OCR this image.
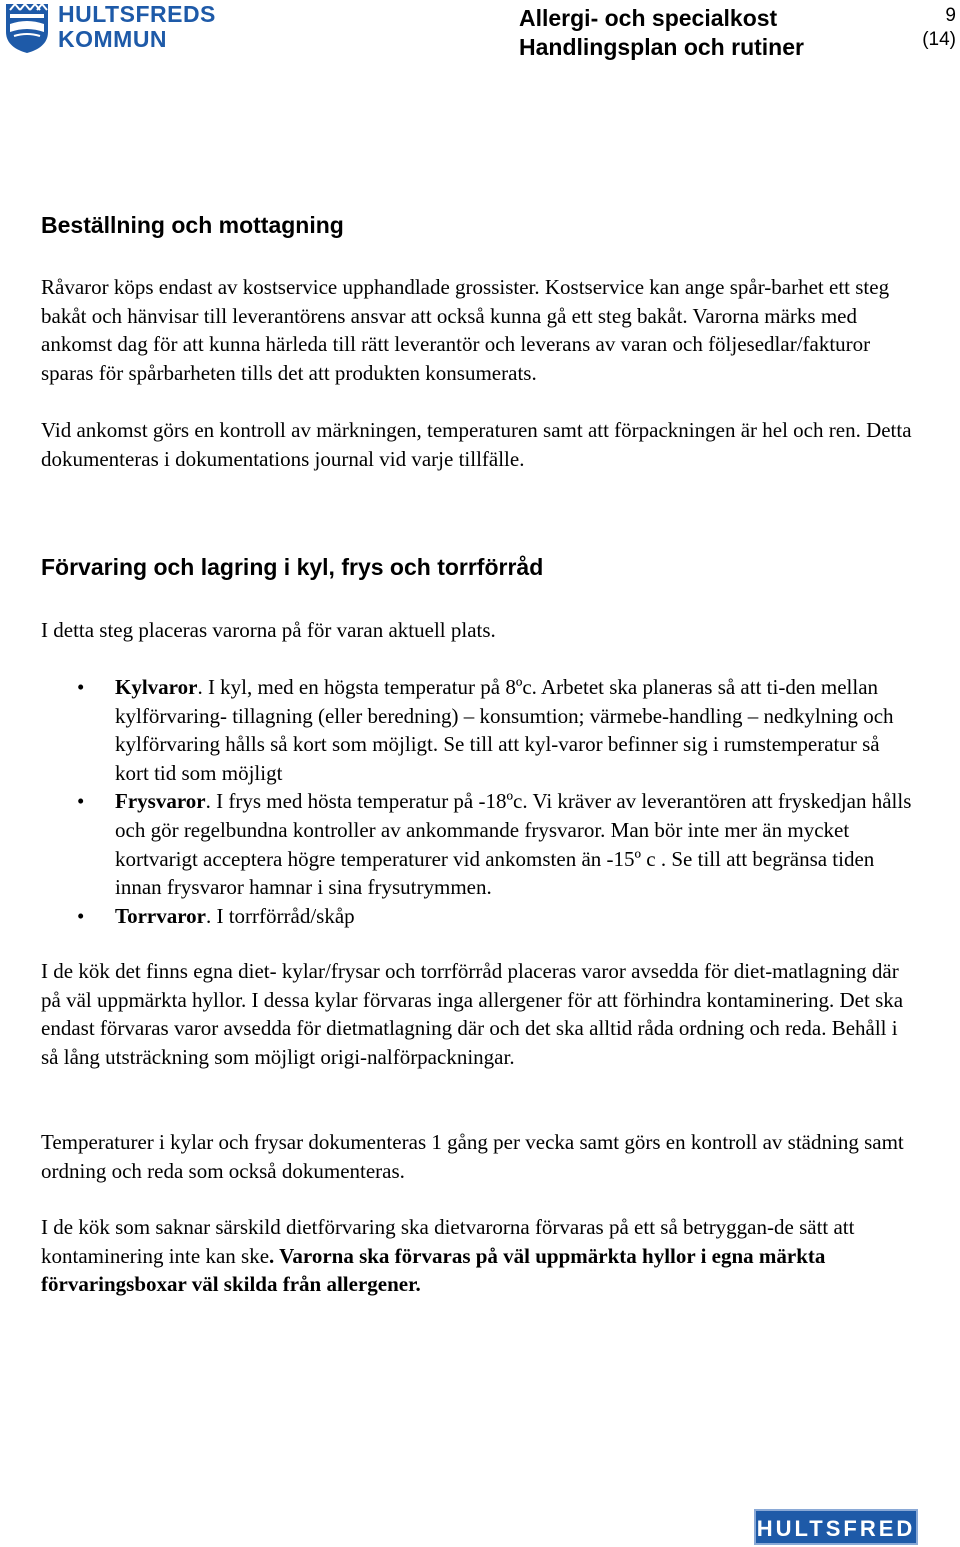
HULTSFREDS
KOMMUN
Allergi- och specialkost
Handlingsplan och rutiner
9
(14)
Beställning och mottagning

Råvaror köps endast av kostservice upphandlade grossister. Kostservice kan ange spår-barhet ett steg bakåt och hänvisar till leverantörens ansvar att också kunna gå ett steg bakåt. Varorna märks med ankomst dag för att kunna härleda till rätt leverantör och leverans av varan och följesedlar/fakturor sparas för spårbarheten tills det att produkten konsumerats.

Vid ankomst görs en kontroll av märkningen, temperaturen samt att förpackningen är hel och ren. Detta dokumenteras i dokumentations journal vid varje tillfälle.

Förvaring och lagring i kyl, frys och torrförråd

I detta steg placeras varorna på för varan aktuell plats.

• Kylvaror. I kyl, med en högsta temperatur på 8ºc. Arbetet ska planeras så att ti-den mellan kylförvaring- tillagning (eller beredning) – konsumtion; värmebe-handling – nedkylning och kylförvaring hålls så kort som möjligt. Se till att kyl-varor befinner sig i rumstemperatur så kort tid som möjligt
• Frysvaror. I frys med hösta temperatur på -18ºc. Vi kräver av leverantören att fryskedjan hålls och gör regelbundna kontroller av ankommande frysvaror. Man bör inte mer än mycket kortvarigt acceptera högre temperaturer vid ankomsten än -15º c . Se till att begränsa tiden innan frysvaror hamnar i sina frysutrymmen.
• Torrvaror. I torrförråd/skåp

I de kök det finns egna diet- kylar/frysar och torrförråd placeras varor avsedda för diet-matlagning där på väl uppmärkta hyllor. I dessa kylar förvaras inga allergener för att förhindra kontaminering. Det ska endast förvaras varor avsedda för dietmatlagning där och det ska alltid råda ordning och reda. Behåll i så lång utsträckning som möjligt origi-nalförpackningar.

Temperaturer i kylar och frysar dokumenteras 1 gång per vecka samt görs en kontroll av städning samt ordning och reda som också dokumenteras.

I de kök som saknar särskild dietförvaring ska dietvarorna förvaras på ett så betryggan-de sätt att kontaminering inte kan ske. Varorna ska förvaras på väl uppmärkta hyllor i egna märkta förvaringsboxar väl skilda från allergener.

HULTSFRED
